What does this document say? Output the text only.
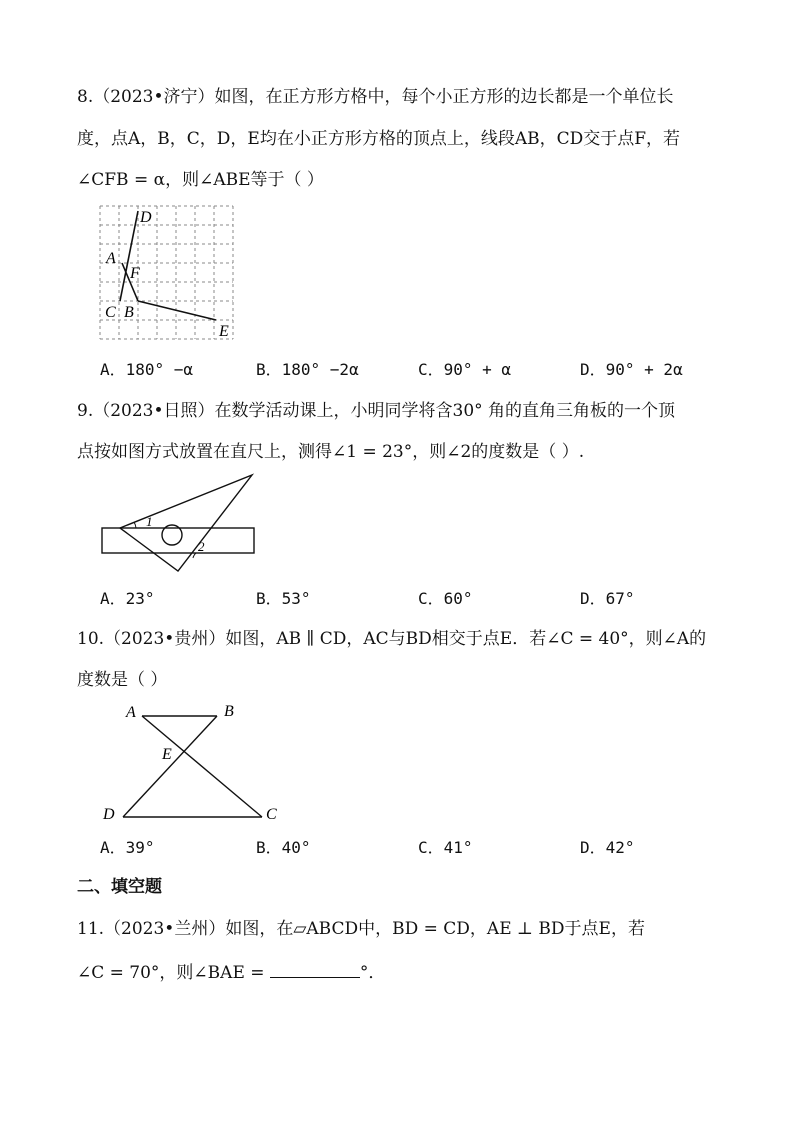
8.（2023•济宁）如图，在正方形方格中，每个小正方形的边长都是一个单位长
度，点A，B，C，D，E均在小正方形方格的顶点上，线段AB，CD交于点F，若
∠CFB = α，则∠ABE等于（ ）
D
A
F
C B
E
A．180° −α	B．180° −2α	C．90° + α	D．90° + 2α
9.（2023•日照）在数学活动课上，小明同学将含30° 角的直角三角板的一个顶
点按如图方式放置在直尺上，测得∠1 = 23°，则∠2的度数是（ ）.
1
2
A．23°	B．53°	C．60°	D．67°
10.（2023•贵州）如图，AB ∥ CD，AC与BD相交于点E．若∠C = 40°，则∠A的
度数是（ ）
A	B
E
D	C
A．39°	B．40°	C．41°	D．42°
二、填空题
11.（2023•兰州）如图，在▱ABCD中，BD = CD，AE ⊥ BD于点E，若
∠C = 70°，则∠BAE =	°．
